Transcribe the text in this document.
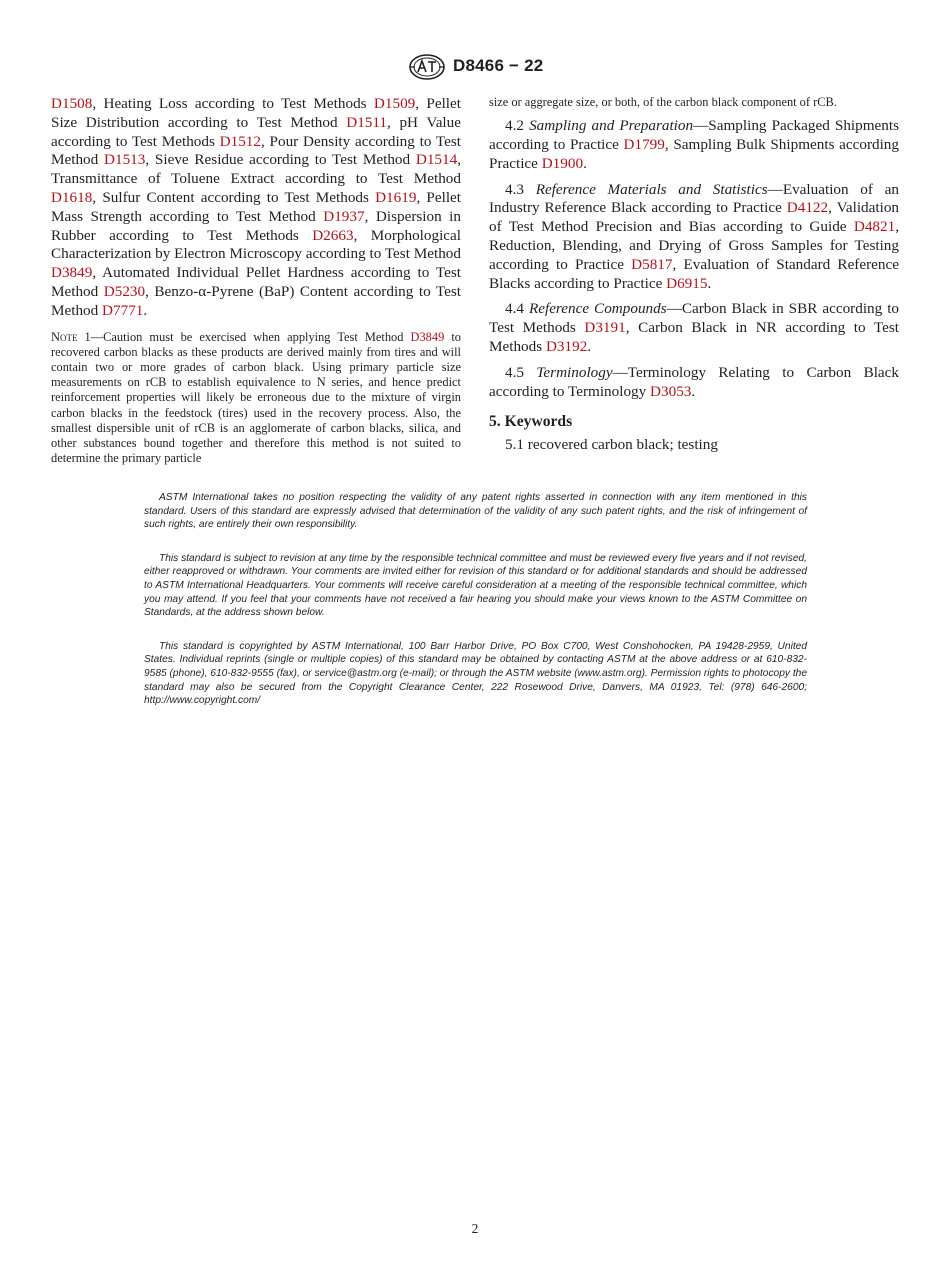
D8466 − 22

D1508, Heating Loss according to Test Methods D1509, Pellet Size Distribution according to Test Method D1511, pH Value according to Test Methods D1512, Pour Density according to Test Method D1513, Sieve Residue according to Test Method D1514, Transmittance of Toluene Extract according to Test Method D1618, Sulfur Content according to Test Methods D1619, Pellet Mass Strength according to Test Method D1937, Dispersion in Rubber according to Test Methods D2663, Morphological Characterization by Electron Microscopy according to Test Method D3849, Automated Individual Pellet Hardness according to Test Method D5230, Benzo-α-Pyrene (BaP) Content according to Test Method D7771.

Note 1—Caution must be exercised when applying Test Method D3849 to recovered carbon blacks as these products are derived mainly from tires and will contain two or more grades of carbon black. Using primary particle size measurements on rCB to establish equivalence to N series, and hence predict reinforcement properties will likely be erroneous due to the mixture of virgin carbon blacks in the feedstock (tires) used in the recovery process. Also, the smallest dispersible unit of rCB is an agglomerate of carbon blacks, silica, and other substances bound together and therefore this method is not suited to determine the primary particle

size or aggregate size, or both, of the carbon black component of rCB.

4.2 Sampling and Preparation—Sampling Packaged Shipments according to Practice D1799, Sampling Bulk Shipments according Practice D1900.

4.3 Reference Materials and Statistics—Evaluation of an Industry Reference Black according to Practice D4122, Validation of Test Method Precision and Bias according to Guide D4821, Reduction, Blending, and Drying of Gross Samples for Testing according to Practice D5817, Evaluation of Standard Reference Blacks according to Practice D6915.

4.4 Reference Compounds—Carbon Black in SBR according to Test Methods D3191, Carbon Black in NR according to Test Methods D3192.

4.5 Terminology—Terminology Relating to Carbon Black according to Terminology D3053.

5. Keywords

5.1 recovered carbon black; testing

ASTM International takes no position respecting the validity of any patent rights asserted in connection with any item mentioned in this standard. Users of this standard are expressly advised that determination of the validity of any such patent rights, and the risk of infringement of such rights, are entirely their own responsibility.

This standard is subject to revision at any time by the responsible technical committee and must be reviewed every five years and if not revised, either reapproved or withdrawn. Your comments are invited either for revision of this standard or for additional standards and should be addressed to ASTM International Headquarters. Your comments will receive careful consideration at a meeting of the responsible technical committee, which you may attend. If you feel that your comments have not received a fair hearing you should make your views known to the ASTM Committee on Standards, at the address shown below.

This standard is copyrighted by ASTM International, 100 Barr Harbor Drive, PO Box C700, West Conshohocken, PA 19428-2959, United States. Individual reprints (single or multiple copies) of this standard may be obtained by contacting ASTM at the above address or at 610-832-9585 (phone), 610-832-9555 (fax), or service@astm.org (e-mail); or through the ASTM website (www.astm.org). Permission rights to photocopy the standard may also be secured from the Copyright Clearance Center, 222 Rosewood Drive, Danvers, MA 01923, Tel: (978) 646-2600; http://www.copyright.com/

2
